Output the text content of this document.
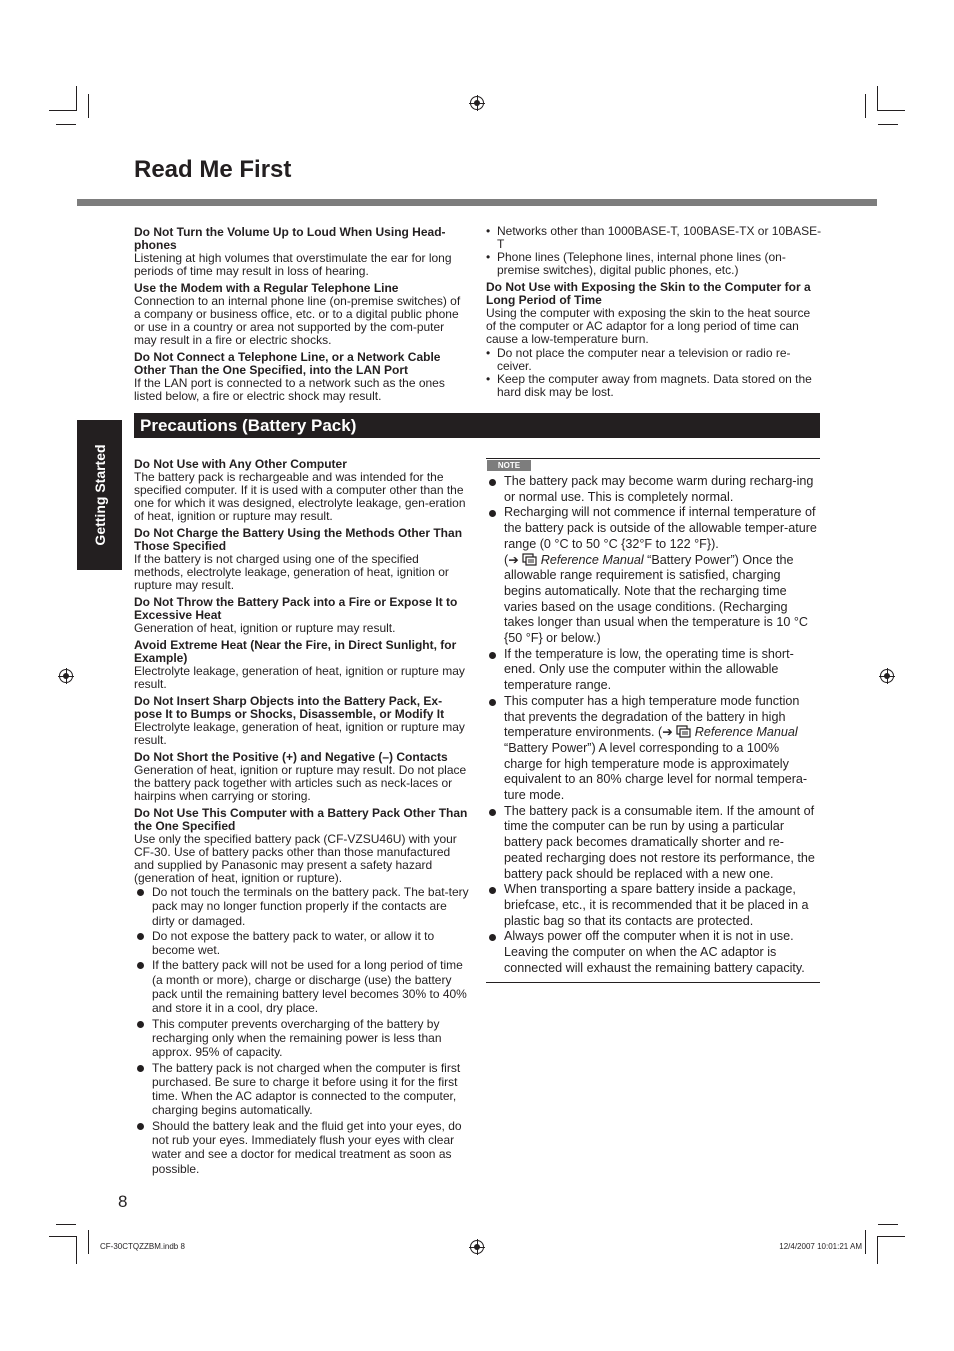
Read Me First
Getting Started
Do Not Turn the Volume Up to Loud When Using Head-phones
Listening at high volumes that overstimulate the ear for long periods of time may result in loss of hearing.
Use the Modem with a Regular Telephone Line
Connection to an internal phone line (on-premise switches) of a company or business office, etc. or to a digital public phone or use in a country or area not supported by the com-puter may result in a fire or electric shocks.
Do Not Connect a Telephone Line, or a Network Cable Other Than the One Specified, into the LAN Port
If the LAN port is connected to a network such as the ones listed below, a fire or electric shock may result.
• Networks other than 1000BASE-T, 100BASE-TX or 10BASE-T
• Phone lines (Telephone lines, internal phone lines (on-premise switches), digital public phones, etc.)
Do Not Use with Exposing the Skin to the Computer for a Long Period of Time
Using the computer with exposing the skin to the heat source of the computer or AC adaptor for a long period of time can cause a low-temperature burn.
• Do not place the computer near a television or radio re-ceiver.
• Keep the computer away from magnets. Data stored on the hard disk may be lost.
Precautions (Battery Pack)
Do Not Use with Any Other Computer
The battery pack is rechargeable and was intended for the specified computer. If it is used with a computer other than the one for which it was designed, electrolyte leakage, gen-eration of heat, ignition or rupture may result.
Do Not Charge the Battery Using the Methods Other Than Those Specified
If the battery is not charged using one of the specified methods, electrolyte leakage, generation of heat, ignition or rupture may result.
Do Not Throw the Battery Pack into a Fire or Expose It to Excessive Heat
Generation of heat, ignition or rupture may result.
Avoid Extreme Heat (Near the Fire, in Direct Sunlight, for Example)
Electrolyte leakage, generation of heat, ignition or rupture may result.
Do Not Insert Sharp Objects into the Battery Pack, Ex-pose It to Bumps or Shocks, Disassemble, or Modify It
Electrolyte leakage, generation of heat, ignition or rupture may result.
Do Not Short the Positive (+) and Negative (–) Contacts
Generation of heat, ignition or rupture may result. Do not place the battery pack together with articles such as neck-laces or hairpins when carrying or storing.
Do Not Use This Computer with a Battery Pack Other Than the One Specified
Use only the specified battery pack (CF-VZSU46U) with your CF-30. Use of battery packs other than those manufactured and supplied by Panasonic may present a safety hazard (generation of heat, ignition or rupture).
Do not touch the terminals on the battery pack. The bat-tery pack may no longer function properly if the contacts are dirty or damaged.
Do not expose the battery pack to water, or allow it to become wet.
If the battery pack will not be used for a long period of time (a month or more), charge or discharge (use) the battery pack until the remaining battery level becomes 30% to 40% and store it in a cool, dry place.
This computer prevents overcharging of the battery by recharging only when the remaining power is less than approx. 95% of capacity.
The battery pack is not charged when the computer is first purchased. Be sure to charge it before using it for the first time. When the AC adaptor is connected to the computer, charging begins automatically.
Should the battery leak and the fluid get into your eyes, do not rub your eyes. Immediately flush your eyes with clear water and see a doctor for medical treatment as soon as possible.
NOTE
The battery pack may become warm during recharg-ing or normal use. This is completely normal.
Recharging will not commence if internal temperature of the battery pack is outside of the allowable temper-ature range (0 °C to 50 °C {32°F to 122 °F}).
(➔ Reference Manual “Battery Power”) Once the allowable range requirement is satisfied, charging begins automatically. Note that the recharging time varies based on the usage conditions. (Recharging takes longer than usual when the temperature is 10 °C {50 °F} or below.)
If the temperature is low, the operating time is short-ened. Only use the computer within the allowable temperature range.
This computer has a high temperature mode function that prevents the degradation of the battery in high temperature environments. (➔ Reference Manual “Battery Power”) A level corresponding to a 100% charge for high temperature mode is approximately equivalent to an 80% charge level for normal tempera-ture mode.
The battery pack is a consumable item. If the amount of time the computer can be run by using a particular battery pack becomes dramatically shorter and re-peated recharging does not restore its performance, the battery pack should be replaced with a new one.
When transporting a spare battery inside a package, briefcase, etc., it is recommended that it be placed in a plastic bag so that its contacts are protected.
Always power off the computer when it is not in use. Leaving the computer on when the AC adaptor is connected will exhaust the remaining battery capacity.
8
CF-30CTQZZBM.indb 8	12/4/2007 10:01:21 AM
